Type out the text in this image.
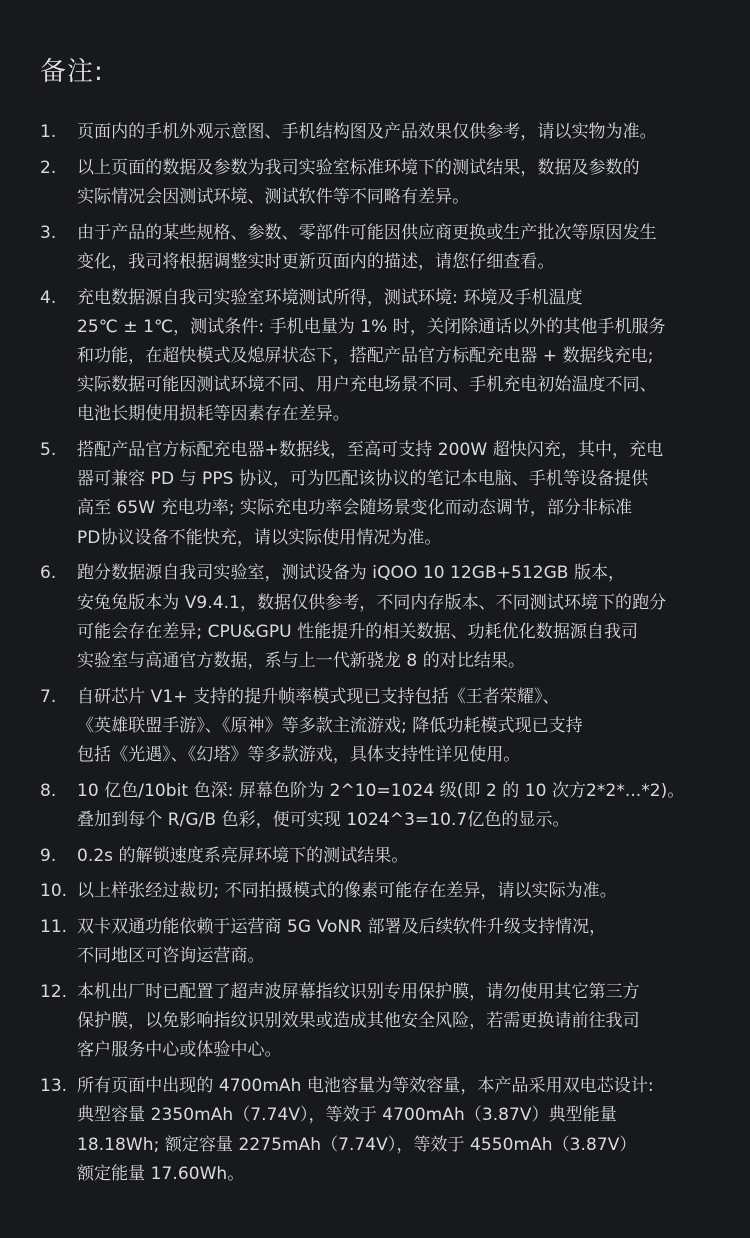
备注:
1. 页面内的手机外观示意图、手机结构图及产品效果仅供参考，请以实物为准。
2. 以上页面的数据及参数为我司实验室标准环境下的测试结果，数据及参数的
实际情况会因测试环境、测试软件等不同略有差异。
3. 由于产品的某些规格、参数、零部件可能因供应商更换或生产批次等原因发生
变化，我司将根据调整实时更新页面内的描述，请您仔细查看。
4. 充电数据源自我司实验室环境测试所得，测试环境: 环境及手机温度
25℃ ± 1℃，测试条件: 手机电量为 1% 时，关闭除通话以外的其他手机服务
和功能，在超快模式及熄屏状态下，搭配产品官方标配充电器 + 数据线充电;
实际数据可能因测试环境不同、用户充电场景不同、手机充电初始温度不同、
电池长期使用损耗等因素存在差异。
5. 搭配产品官方标配充电器+数据线，至高可支持 200W 超快闪充，其中，充电
器可兼容 PD 与 PPS 协议，可为匹配该协议的笔记本电脑、手机等设备提供
高至 65W 充电功率; 实际充电功率会随场景变化而动态调节，部分非标准
PD协议设备不能快充，请以实际使用情况为准。
6. 跑分数据源自我司实验室，测试设备为 iQOO 10 12GB+512GB 版本，
安兔兔版本为 V9.4.1，数据仅供参考，不同内存版本、不同测试环境下的跑分
可能会存在差异; CPU&GPU 性能提升的相关数据、功耗优化数据源自我司
实验室与高通官方数据，系与上一代新骁龙 8 的对比结果。
7. 自研芯片 V1+ 支持的提升帧率模式现已支持包括《王者荣耀》、
《英雄联盟手游》、《原神》等多款主流游戏; 降低功耗模式现已支持
包括《光遇》、《幻塔》等多款游戏，具体支持性详见使用。
8. 10 亿色/10bit 色深: 屏幕色阶为 2^10=1024 级(即 2 的 10 次方2*2*...*2)。
叠加到每个 R/G/B 色彩，便可实现 1024^3=10.7亿色的显示。
9. 0.2s 的解锁速度系亮屏环境下的测试结果。
10. 以上样张经过裁切; 不同拍摄模式的像素可能存在差异，请以实际为准。
11. 双卡双通功能依赖于运营商 5G VoNR 部署及后续软件升级支持情况，
不同地区可咨询运营商。
12. 本机出厂时已配置了超声波屏幕指纹识别专用保护膜，请勿使用其它第三方
保护膜，以免影响指纹识别效果或造成其他安全风险，若需更换请前往我司
客户服务中心或体验中心。
13. 所有页面中出现的 4700mAh 电池容量为等效容量，本产品采用双电芯设计:
典型容量 2350mAh（7.74V），等效于 4700mAh（3.87V）典型能量
18.18Wh; 额定容量 2275mAh（7.74V），等效于 4550mAh（3.87V）
额定能量 17.60Wh。
